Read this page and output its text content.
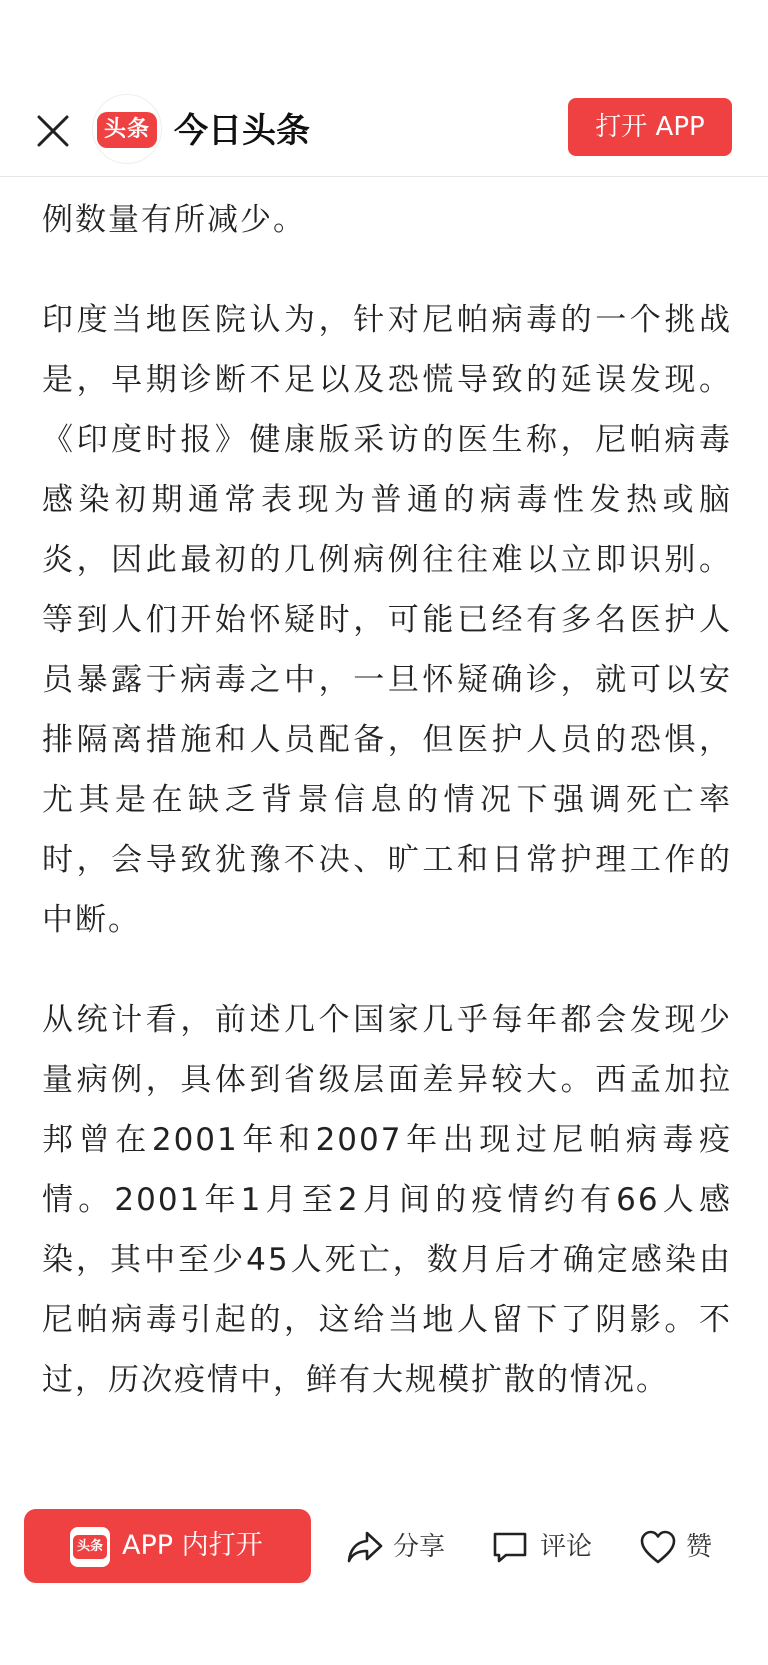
头条 今日头条	打开 APP

例数量有所减少。

印度当地医院认为，针对尼帕病毒的一个挑战是，早期诊断不足以及恐慌导致的延误发现。《印度时报》健康版采访的医生称，尼帕病毒感染初期通常表现为普通的病毒性发热或脑炎，因此最初的几例病例往往难以立即识别。等到人们开始怀疑时，可能已经有多名医护人员暴露于病毒之中，一旦怀疑确诊，就可以安排隔离措施和人员配备，但医护人员的恐惧，尤其是在缺乏背景信息的情况下强调死亡率时，会导致犹豫不决、旷工和日常护理工作的中断。

从统计看，前述几个国家几乎每年都会发现少量病例，具体到省级层面差异较大。西孟加拉邦曾在2001年和2007年出现过尼帕病毒疫情。2001年1月至2月间的疫情约有66人感染，其中至少45人死亡，数月后才确定感染由尼帕病毒引起的，这给当地人留下了阴影。不过，历次疫情中，鲜有大规模扩散的情况。

头条 APP 内打开	分享	评论	赞
